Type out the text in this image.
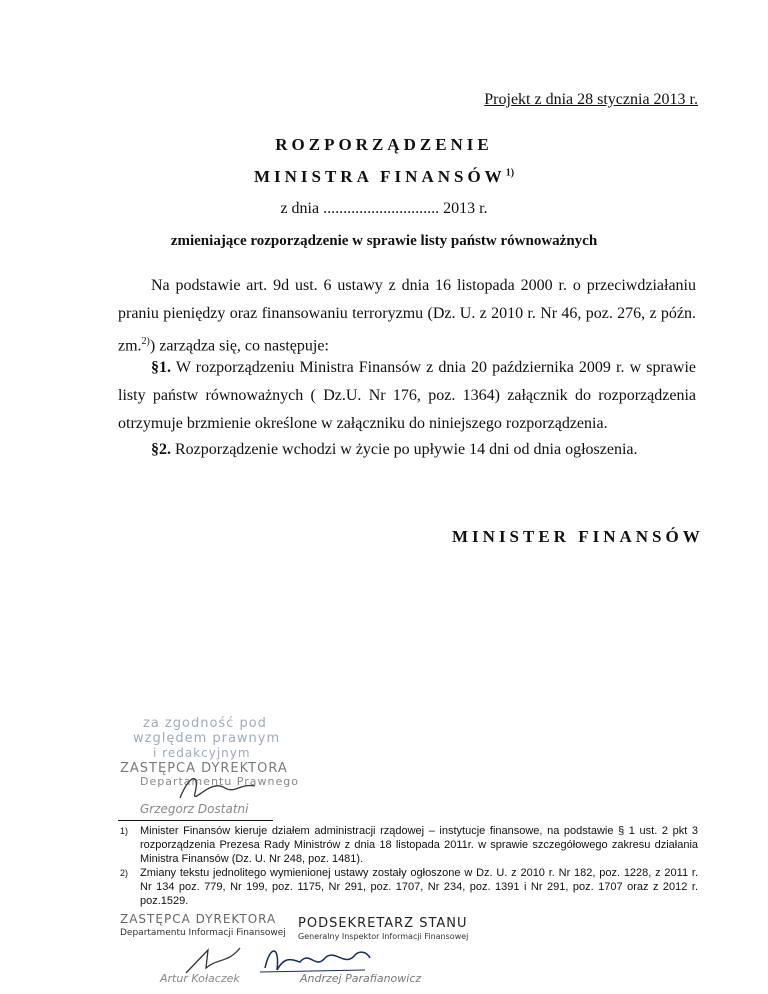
Projekt z dnia 28 stycznia 2013 r.
ROZPORZĄDZENIE
MINISTRA FINANSÓW$^{1)}$
z dnia ............................. 2013 r.
zmieniające rozporządzenie w sprawie listy państw równoważnych
Na podstawie art. 9d ust. 6 ustawy z dnia 16 listopada 2000 r. o przeciwdziałaniu praniu pieniędzy oraz finansowaniu terroryzmu (Dz. U. z 2010 r. Nr 46, poz. 276, z późn. zm.$^{2)}$) zarządza się, co następuje:
§1. W rozporządzeniu Ministra Finansów z dnia 20 października 2009 r. w sprawie listy państw równoważnych ( Dz.U. Nr 176, poz. 1364) załącznik do rozporządzenia otrzymuje brzmienie określone w załączniku do niniejszego rozporządzenia.
§2. Rozporządzenie wchodzi w życie po upływie 14 dni od dnia ogłoszenia.
MINISTER FINANSÓW
za zgodność pod
względem prawnym
i redakcyjnym
ZASTĘPCA DYREKTORA
Departamentu Prawnego
Grzegorz Dostatni
1) Minister Finansów kieruje działem administracji rządowej – instytucje finansowe, na podstawie § 1 ust. 2 pkt 3 rozporządzenia Prezesa Rady Ministrów z dnia 18 listopada 2011r. w sprawie szczegółowego zakresu działania Ministra Finansów (Dz. U. Nr 248, poz. 1481).
2) Zmiany tekstu jednolitego wymienionej ustawy zostały ogłoszone w Dz. U. z 2010 r. Nr 182, poz. 1228, z 2011 r. Nr 134 poz. 779, Nr 199, poz. 1175, Nr 291, poz. 1707, Nr 234, poz. 1391 i Nr 291, poz. 1707 oraz z 2012 r. poz.1529.
ZASTĘPCA DYREKTORA
Departamentu Informacji Finansowej
Artur Kołaczek
PODSEKRETARZ STANU
Generalny Inspektor Informacji Finansowej
Andrzej Parafianowicz
